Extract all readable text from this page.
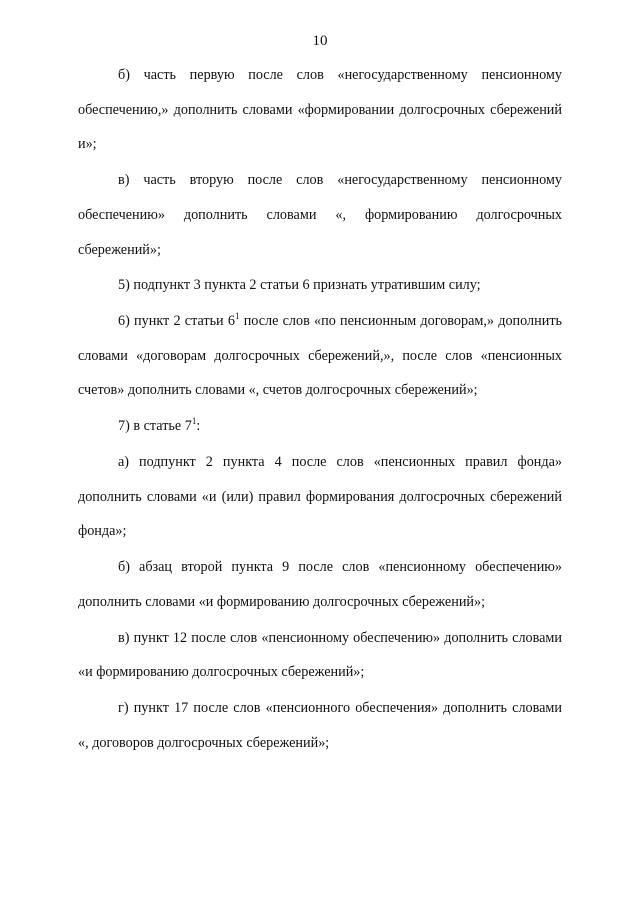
10

б) часть первую после слов «негосударственному пенсионному обеспечению,» дополнить словами «формировании долгосрочных сбережений и»;

в) часть вторую после слов «негосударственному пенсионному обеспечению» дополнить словами «, формированию долгосрочных сбережений»;

5) подпункт 3 пункта 2 статьи 6 признать утратившим силу;

6) пункт 2 статьи $6^1$ после слов «по пенсионным договорам,» дополнить словами «договорам долгосрочных сбережений,», после слов «пенсионных счетов» дополнить словами «, счетов долгосрочных сбережений»;

7) в статье $7^1$:

а) подпункт 2 пункта 4 после слов «пенсионных правил фонда» дополнить словами «и (или) правил формирования долгосрочных сбережений фонда»;

б) абзац второй пункта 9 после слов «пенсионному обеспечению» дополнить словами «и формированию долгосрочных сбережений»;

в) пункт 12 после слов «пенсионному обеспечению» дополнить словами «и формированию долгосрочных сбережений»;

г) пункт 17 после слов «пенсионного обеспечения» дополнить словами «, договоров долгосрочных сбережений»;
